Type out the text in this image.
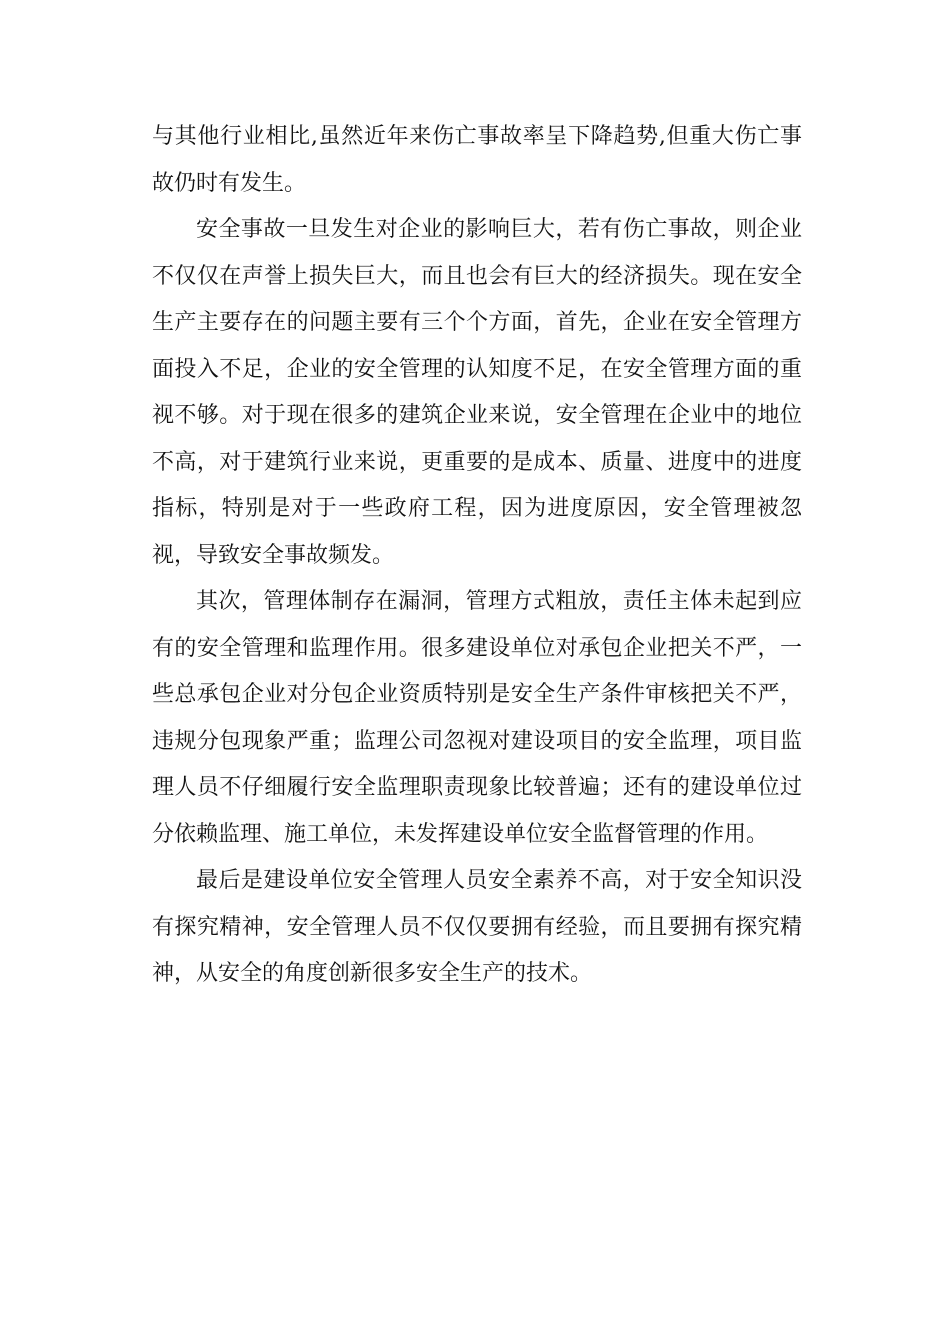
与其他行业相比,虽然近年来伤亡事故率呈下降趋势,但重大伤亡事故仍时有发生。

安全事故一旦发生对企业的影响巨大，若有伤亡事故，则企业不仅仅在声誉上损失巨大，而且也会有巨大的经济损失。现在安全生产主要存在的问题主要有三个个方面，首先，企业在安全管理方面投入不足，企业的安全管理的认知度不足，在安全管理方面的重视不够。对于现在很多的建筑企业来说，安全管理在企业中的地位不高，对于建筑行业来说，更重要的是成本、质量、进度中的进度指标，特别是对于一些政府工程，因为进度原因，安全管理被忽视，导致安全事故频发。

其次，管理体制存在漏洞，管理方式粗放，责任主体未起到应有的安全管理和监理作用。很多建设单位对承包企业把关不严，一些总承包企业对分包企业资质特别是安全生产条件审核把关不严，违规分包现象严重；监理公司忽视对建设项目的安全监理，项目监理人员不仔细履行安全监理职责现象比较普遍；还有的建设单位过分依赖监理、施工单位，未发挥建设单位安全监督管理的作用。

最后是建设单位安全管理人员安全素养不高，对于安全知识没有探究精神，安全管理人员不仅仅要拥有经验，而且要拥有探究精神，从安全的角度创新很多安全生产的技术。
